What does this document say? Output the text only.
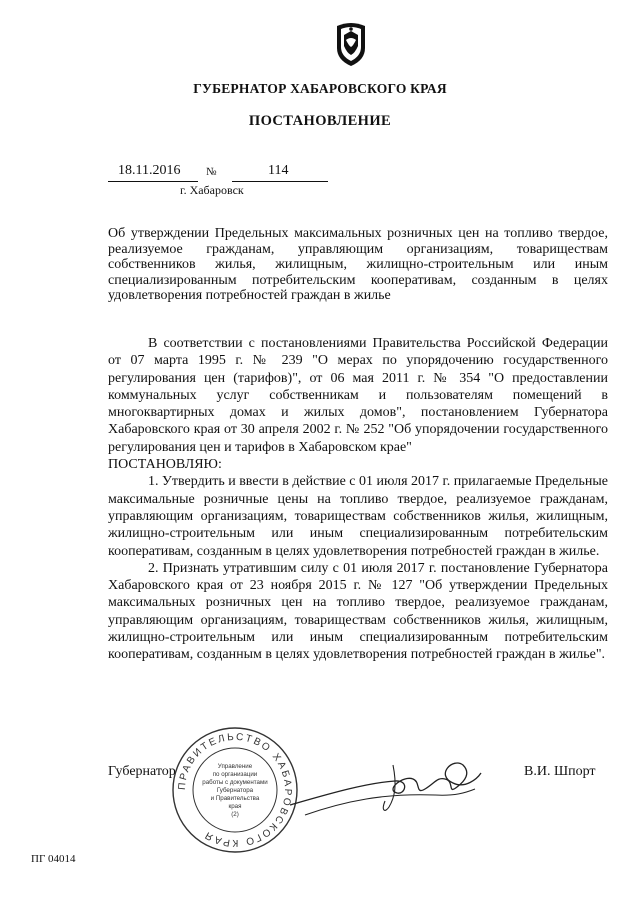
ГУБЕРНАТОР ХАБАРОВСКОГО КРАЯ
ПОСТАНОВЛЕНИЕ
18.11.2016 №	114
г. Хабаровск
Об утверждении Предельных максимальных розничных цен на топливо твердое, реализуемое гражданам, управляющим организациям, товариществам собственников жилья, жилищным, жилищно-строительным или иным специализированным потребительским кооперативам, созданным в целях удовлетворения потребностей граждан в жилье

В соответствии с постановлениями Правительства Российской Федерации от 07 марта 1995 г. № 239 "О мерах по упорядочению государственного регулирования цен (тарифов)", от 06 мая 2011 г. № 354 "О предоставлении коммунальных услуг собственникам и пользователям помещений в многоквартирных домах и жилых домов", постановлением Губернатора Хабаровского края от 30 апреля 2002 г. № 252 "Об упорядочении государственного регулирования цен и тарифов в Хабаровском крае"

ПОСТАНОВЛЯЮ:

1. Утвердить и ввести в действие с 01 июля 2017 г. прилагаемые Предельные максимальные розничные цены на топливо твердое, реализуемое гражданам, управляющим организациям, товариществам собственников жилья, жилищным, жилищно-строительным или иным специализированным потребительским кооперативам, созданным в целях удовлетворения потребностей граждан в жилье.

2. Признать утратившим силу с 01 июля 2017 г. постановление Губернатора Хабаровского края от 23 ноября 2015 г. № 127 "Об утверждении Предельных максимальных розничных цен на топливо твердое, реализуемое гражданам, управляющим организациям, товариществам собственников жилья, жилищным, жилищно-строительным или иным специализированным потребительским кооперативам, созданным в целях удовлетворения потребностей граждан в жилье".

Губернатор
ПРАВИТЕЛЬСТВО ХАБАРОВСКОГО КРАЯ
Управление
по организации
работы с документами
Губернатора
и Правительства
края
(2)
В.И. Шпорт
ПГ 04014
